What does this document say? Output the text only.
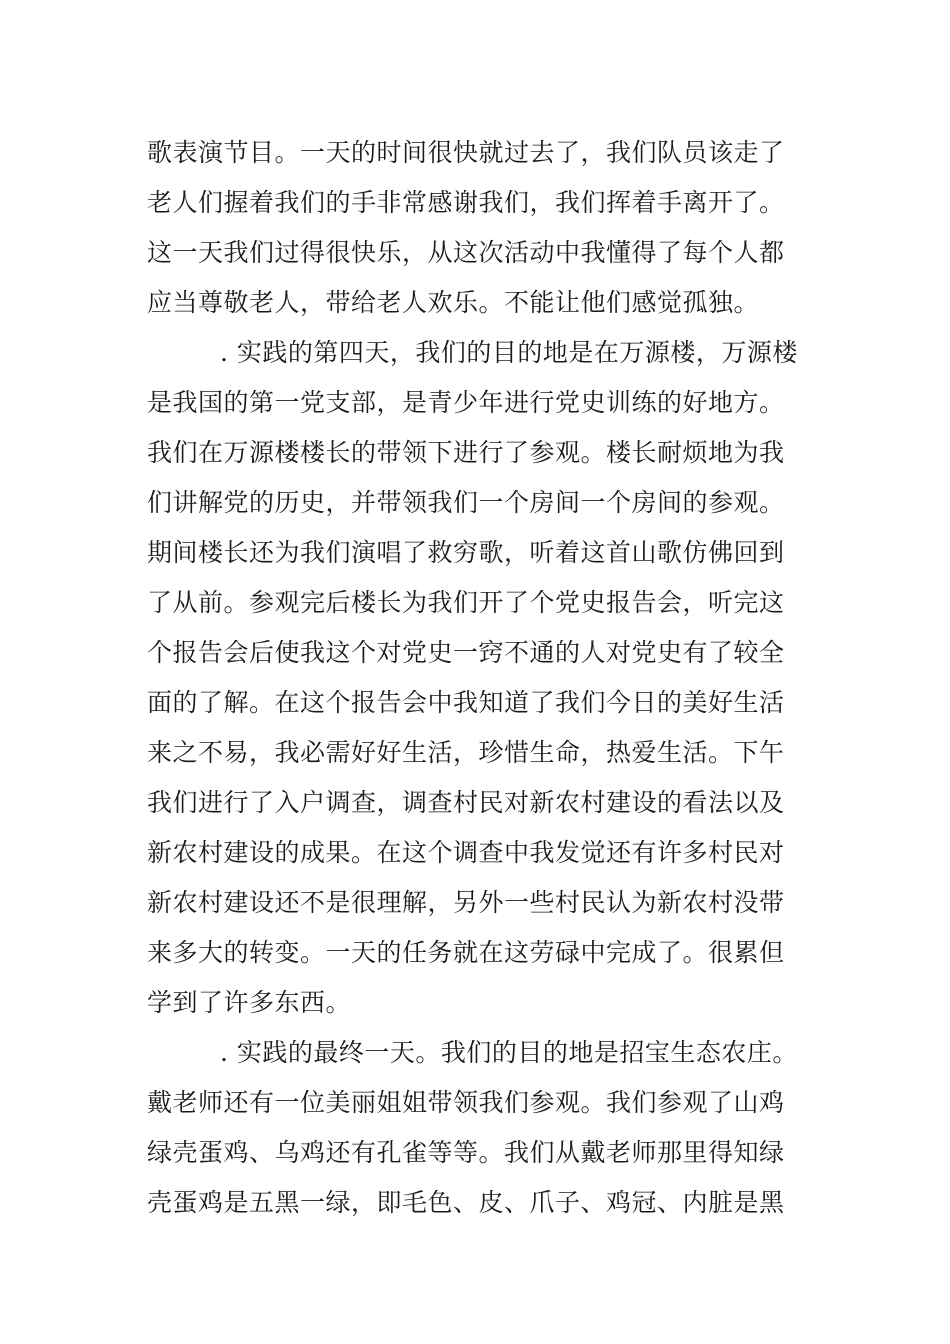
歌表演节目。一天的时间很快就过去了，我们队员该走了
老人们握着我们的手非常感谢我们，我们挥着手离开了。
这一天我们过得很快乐，从这次活动中我懂得了每个人都
应当尊敬老人，带给老人欢乐。不能让他们感觉孤独。
. 实践的第四天，我们的目的地是在万源楼，万源楼
是我国的第一党支部，是青少年进行党史训练的好地方。
我们在万源楼楼长的带领下进行了参观。楼长耐烦地为我
们讲解党的历史，并带领我们一个房间一个房间的参观。
期间楼长还为我们演唱了救穷歌，听着这首山歌仿佛回到
了从前。参观完后楼长为我们开了个党史报告会，听完这
个报告会后使我这个对党史一窍不通的人对党史有了较全
面的了解。在这个报告会中我知道了我们今日的美好生活
来之不易，我必需好好生活，珍惜生命，热爱生活。下午
我们进行了入户调查，调查村民对新农村建设的看法以及
新农村建设的成果。在这个调查中我发觉还有许多村民对
新农村建设还不是很理解，另外一些村民认为新农村没带
来多大的转变。一天的任务就在这劳碌中完成了。很累但
学到了许多东西。
. 实践的最终一天。我们的目的地是招宝生态农庄。
戴老师还有一位美丽姐姐带领我们参观。我们参观了山鸡
绿壳蛋鸡、乌鸡还有孔雀等等。我们从戴老师那里得知绿
壳蛋鸡是五黑一绿，即毛色、皮、爪子、鸡冠、内脏是黑
